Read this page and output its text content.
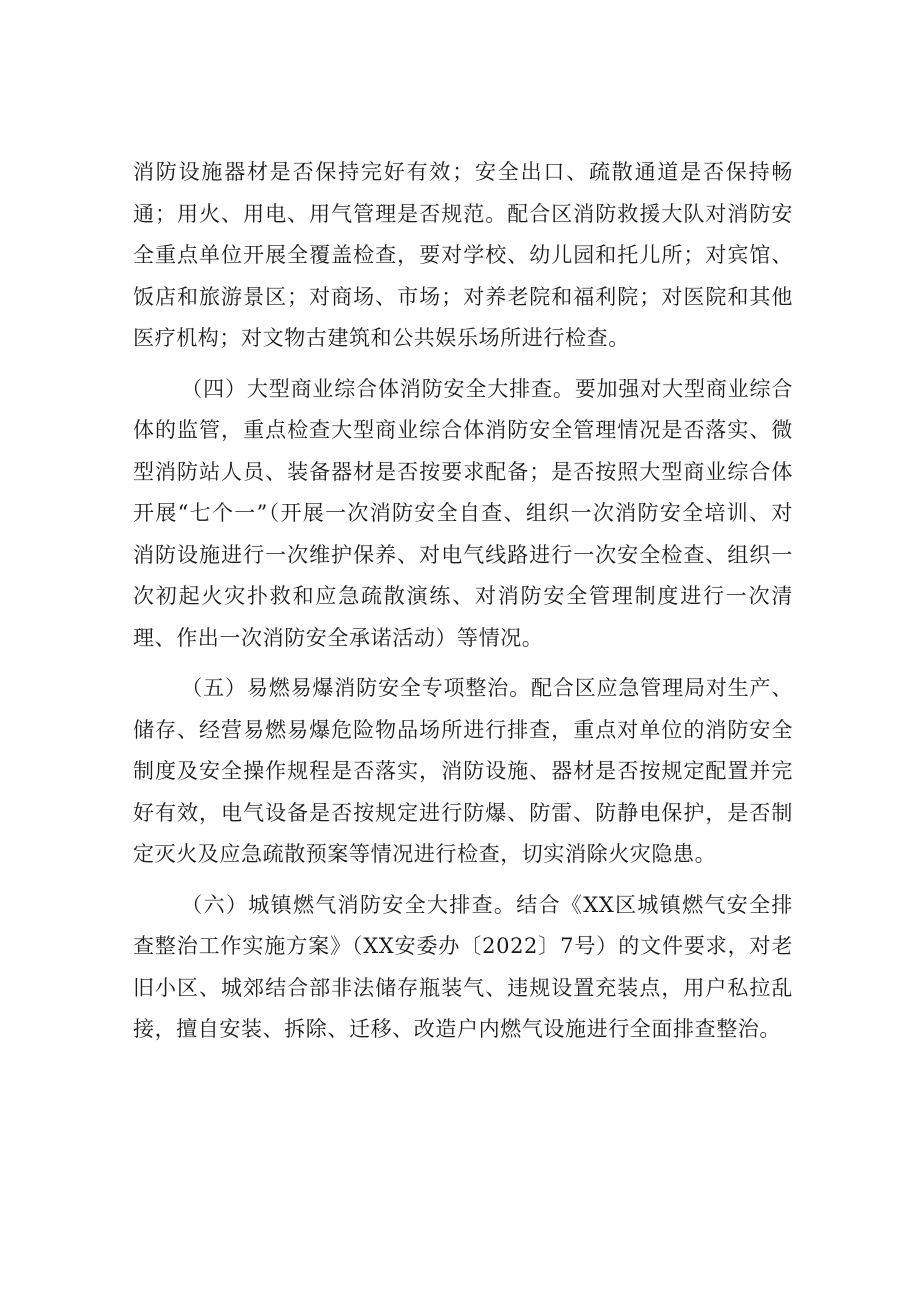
消防设施器材是否保持完好有效；安全出口、疏散通道是否保持畅通；用火、用电、用气管理是否规范。配合区消防救援大队对消防安全重点单位开展全覆盖检查，要对学校、幼儿园和托儿所；对宾馆、饭店和旅游景区；对商场、市场；对养老院和福利院；对医院和其他医疗机构；对文物古建筑和公共娱乐场所进行检查。

（四）大型商业综合体消防安全大排查。要加强对大型商业综合体的监管，重点检查大型商业综合体消防安全管理情况是否落实、微型消防站人员、装备器材是否按要求配备；是否按照大型商业综合体开展“七个一”（开展一次消防安全自查、组织一次消防安全培训、对消防设施进行一次维护保养、对电气线路进行一次安全检查、组织一次初起火灾扑救和应急疏散演练、对消防安全管理制度进行一次清理、作出一次消防安全承诺活动）等情况。

（五）易燃易爆消防安全专项整治。配合区应急管理局对生产、储存、经营易燃易爆危险物品场所进行排查，重点对单位的消防安全制度及安全操作规程是否落实，消防设施、器材是否按规定配置并完好有效，电气设备是否按规定进行防爆、防雷、防静电保护，是否制定灭火及应急疏散预案等情况进行检查，切实消除火灾隐患。

（六）城镇燃气消防安全大排查。结合《XX区城镇燃气安全排查整治工作实施方案》（XX安委办〔2022〕7号）的文件要求，对老旧小区、城郊结合部非法储存瓶装气、违规设置充装点，用户私拉乱接，擅自安装、拆除、迁移、改造户内燃气设施进行全面排查整治。
